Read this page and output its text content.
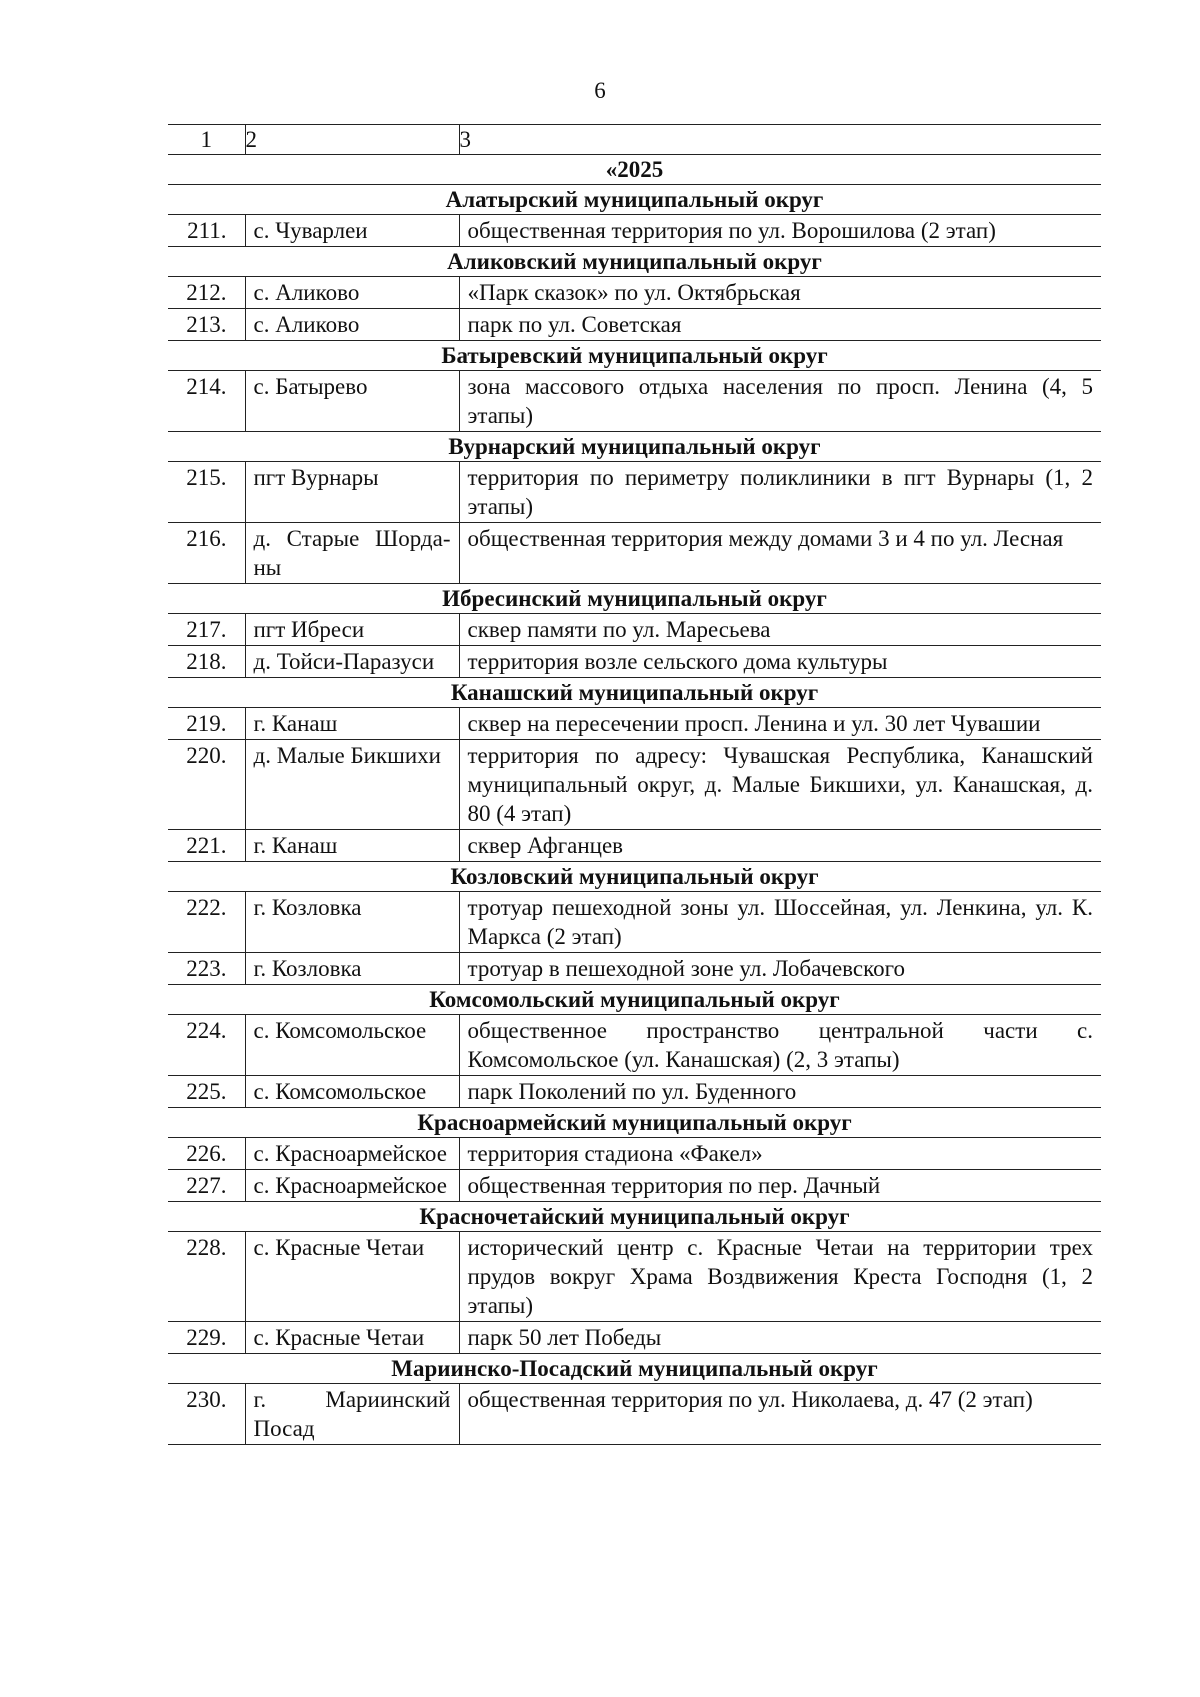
6
1	2	3
«2025		
Алатырский муниципальный округ		
211.	с. Чуварлеи	общественная территория по ул. Ворошилова (2 этап)
Аликовский муниципальный округ		
212.	с. Аликово	«Парк сказок» по ул. Октябрьская
213.	с. Аликово	парк по ул. Советская
Батыревский муниципальный округ		
214.	с. Батырево	зона массового отдыха населения по просп. Ленина (4, 5 этапы)
Вурнарский муниципальный округ		
215.	пгт Вурнары	территория по периметру поликлиники в пгт Вурнары (1, 2 этапы)
216.	д. Старые Шорданы	общественная территория между домами 3 и 4 по ул. Лесная
Ибресинский муниципальный округ		
217.	пгт Ибреси	сквер памяти по ул. Маресьева
218.	д. Тойси-Паразуси	территория возле сельского дома культуры
Канашский муниципальный округ		
219.	г. Канаш	сквер на пересечении просп. Ленина и ул. 30 лет Чувашии
220.	д. Малые Бикшихи	территория по адресу: Чувашская Республика, Канашский муниципальный округ, д. Малые Бикшихи, ул. Канашская, д. 80 (4 этап)
221.	г. Канаш	сквер Афганцев
Козловский муниципальный округ		
222.	г. Козловка	тротуар пешеходной зоны ул. Шоссейная, ул. Ленкина, ул. К. Маркса (2 этап)
223.	г. Козловка	тротуар в пешеходной зоне ул. Лобачевского
Комсомольский муниципальный округ		
224.	с. Комсомольское	общественное пространство центральной части с. Комсомольское (ул. Канашская) (2, 3 этапы)
225.	с. Комсомольское	парк Поколений по ул. Буденного
Красноармейский муниципальный округ		
226.	с. Красноармейское	территория стадиона «Факел»
227.	с. Красноармейское	общественная территория по пер. Дачный
Красночетайский муниципальный округ		
228.	с. Красные Четаи	исторический центр с. Красные Четаи на территории трех прудов вокруг Храма Воздвижения Креста Господня (1, 2 этапы)
229.	с. Красные Четаи	парк 50 лет Победы
Мариинско-Посадский муниципальный округ		
230.	г. Мариинский Посад	общественная территория по ул. Николаева, д. 47 (2 этап)
